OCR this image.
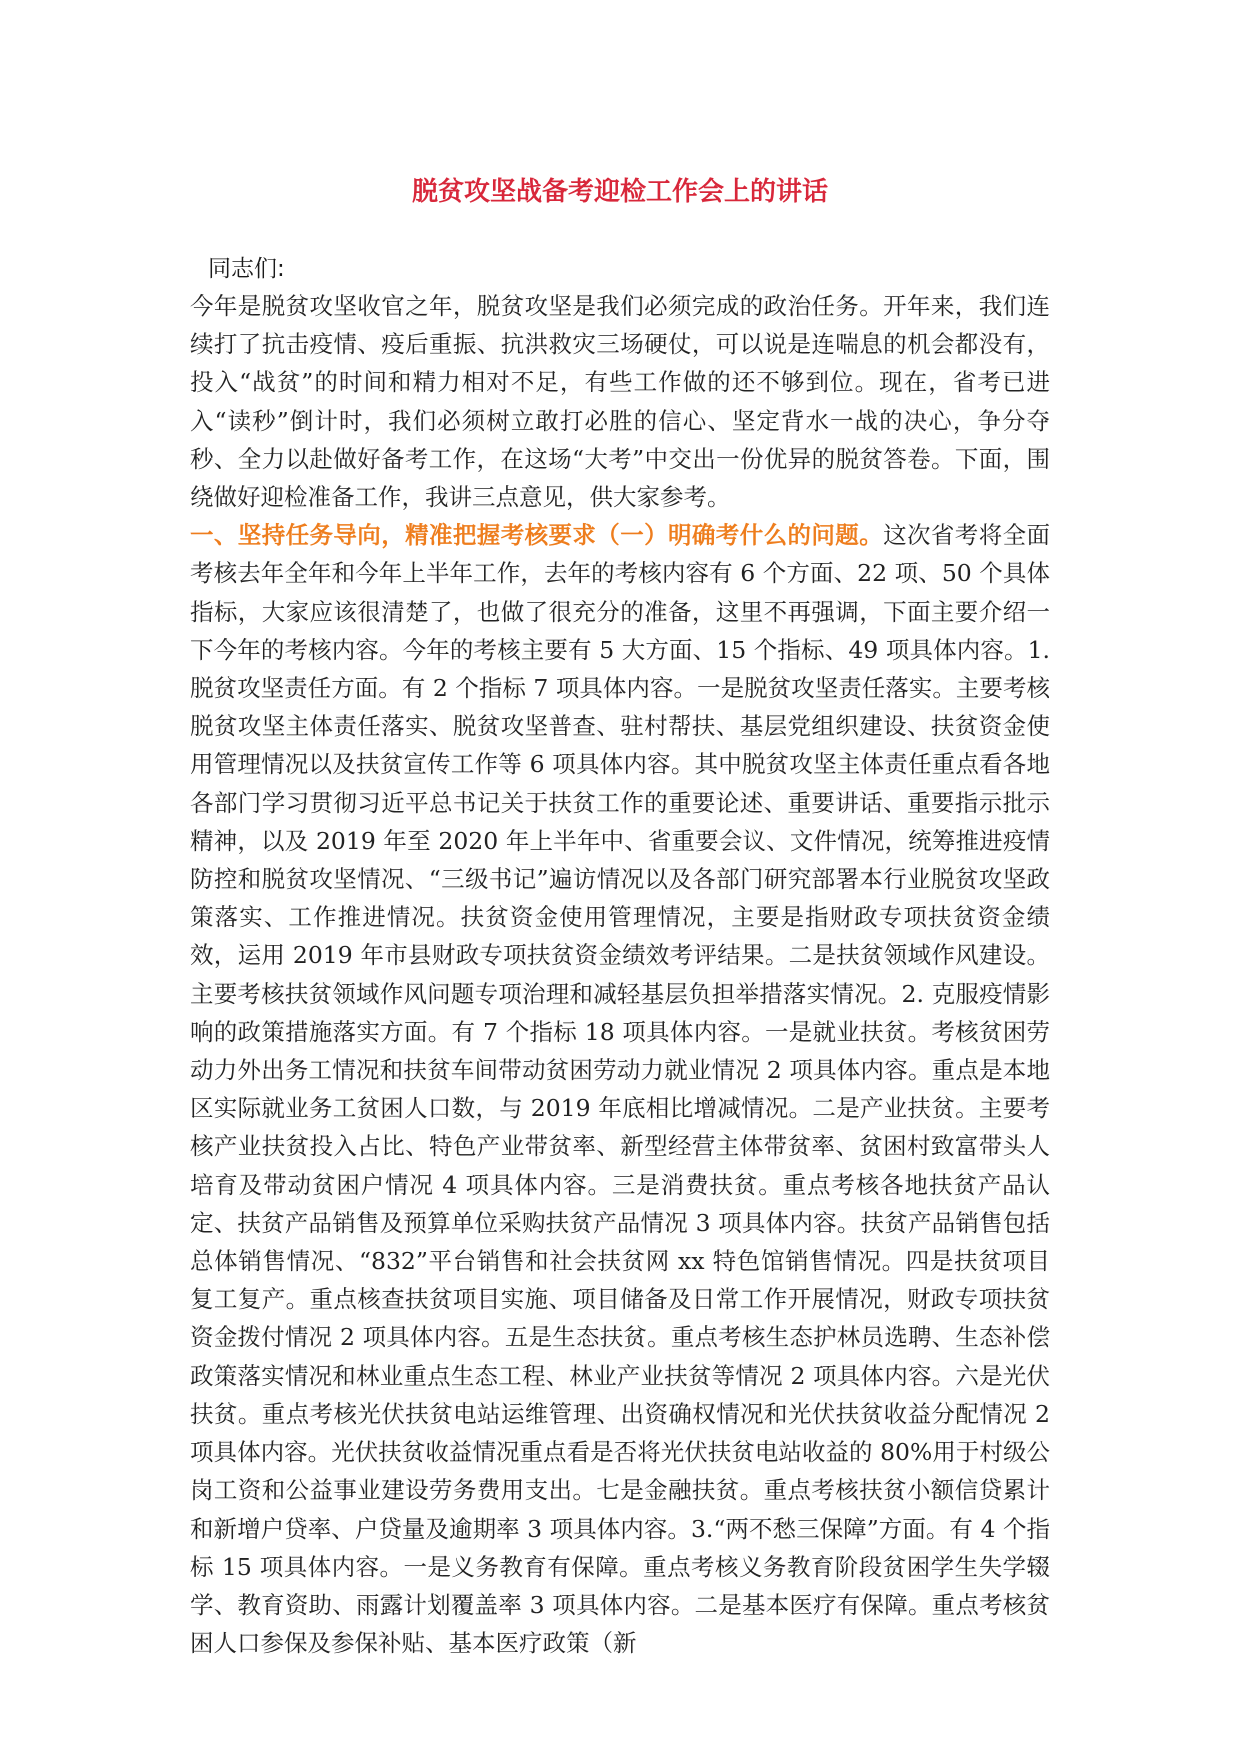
脱贫攻坚战备考迎检工作会上的讲话
同志们:
今年是脱贫攻坚收官之年，脱贫攻坚是我们必须完成的政治任务。开年来，我们连续打了抗击疫情、疫后重振、抗洪救灾三场硬仗，可以说是连喘息的机会都没有，投入“战贫”的时间和精力相对不足，有些工作做的还不够到位。现在，省考已进入“读秒”倒计时，我们必须树立敢打必胜的信心、坚定背水一战的决心，争分夺秒、全力以赴做好备考工作，在这场“大考”中交出一份优异的脱贫答卷。下面，围绕做好迎检准备工作，我讲三点意见，供大家参考。
一、坚持任务导向，精准把握考核要求（一）明确考什么的问题。这次省考将全面考核去年全年和今年上半年工作，去年的考核内容有 6 个方面、22 项、50 个具体指标，大家应该很清楚了，也做了很充分的准备，这里不再强调，下面主要介绍一下今年的考核内容。今年的考核主要有 5 大方面、15 个指标、49 项具体内容。1. 脱贫攻坚责任方面。有 2 个指标 7 项具体内容。一是脱贫攻坚责任落实。主要考核脱贫攻坚主体责任落实、脱贫攻坚普查、驻村帮扶、基层党组织建设、扶贫资金使用管理情况以及扶贫宣传工作等 6 项具体内容。其中脱贫攻坚主体责任重点看各地各部门学习贯彻习近平总书记关于扶贫工作的重要论述、重要讲话、重要指示批示精神，以及 2019 年至 2020 年上半年中、省重要会议、文件情况，统筹推进疫情防控和脱贫攻坚情况、“三级书记”遍访情况以及各部门研究部署本行业脱贫攻坚政策落实、工作推进情况。扶贫资金使用管理情况，主要是指财政专项扶贫资金绩效，运用 2019 年市县财政专项扶贫资金绩效考评结果。二是扶贫领域作风建设。主要考核扶贫领域作风问题专项治理和减轻基层负担举措落实情况。2. 克服疫情影响的政策措施落实方面。有 7 个指标 18 项具体内容。一是就业扶贫。考核贫困劳动力外出务工情况和扶贫车间带动贫困劳动力就业情况 2 项具体内容。重点是本地区实际就业务工贫困人口数，与 2019 年底相比增减情况。二是产业扶贫。主要考核产业扶贫投入占比、特色产业带贫率、新型经营主体带贫率、贫困村致富带头人培育及带动贫困户情况 4 项具体内容。三是消费扶贫。重点考核各地扶贫产品认定、扶贫产品销售及预算单位采购扶贫产品情况 3 项具体内容。扶贫产品销售包括总体销售情况、“832”平台销售和社会扶贫网 xx 特色馆销售情况。四是扶贫项目复工复产。重点核查扶贫项目实施、项目储备及日常工作开展情况，财政专项扶贫资金拨付情况 2 项具体内容。五是生态扶贫。重点考核生态护林员选聘、生态补偿政策落实情况和林业重点生态工程、林业产业扶贫等情况 2 项具体内容。六是光伏扶贫。重点考核光伏扶贫电站运维管理、出资确权情况和光伏扶贫收益分配情况 2 项具体内容。光伏扶贫收益情况重点看是否将光伏扶贫电站收益的 80%用于村级公岗工资和公益事业建设劳务费用支出。七是金融扶贫。重点考核扶贫小额信贷累计和新增户贷率、户贷量及逾期率 3 项具体内容。3.“两不愁三保障”方面。有 4 个指标 15 项具体内容。一是义务教育有保障。重点考核义务教育阶段贫困学生失学辍学、教育资助、雨露计划覆盖率 3 项具体内容。二是基本医疗有保障。重点考核贫困人口参保及参保补贴、基本医疗政策（新
